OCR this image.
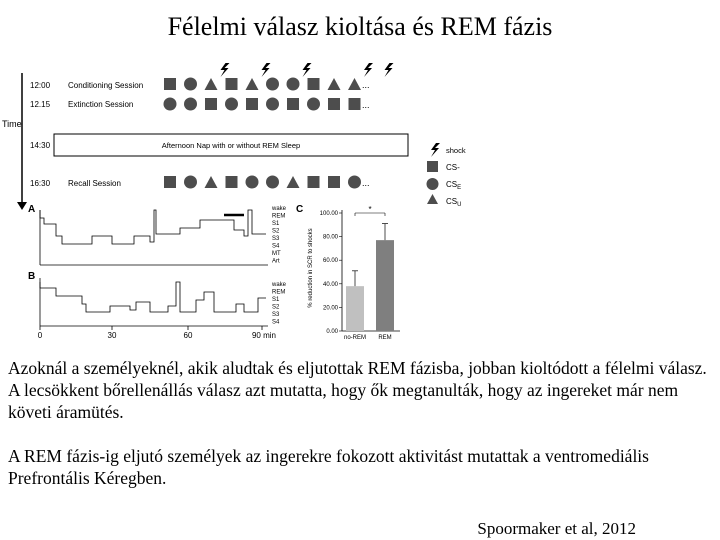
Félelmi válasz kioltása és REM fázis
Time
12:00 Conditioning Session
12.15 Extinction Session
14:30	Afternoon Nap with or without REM Sleep
16:30 Recall Session
...
...
...
shock
CS-
$CS_E$
$CS_U$
A	wake
REM
S1
S2
S3
S4
MT
Art
B
wake
REM
S1
S2
S3
S4
0	30	60	90 min
C
% reduction in SCR to shocks
0.00
20.00
40.00
60.00
80.00
100.00
no-REM REM
*
Azoknál a személyeknél, akik aludtak és eljutottak REM fázisba, jobban kioltódott a félelmi válasz. A lecsökkent bőrellenállás válasz azt mutatta, hogy ők megtanulták, hogy az ingereket már nem követi áramütés.
A REM fázis-ig eljutó személyek az ingerekre fokozott aktivitást mutattak a ventromediális Prefrontális Kéregben.
Spoormaker et al, 2012
